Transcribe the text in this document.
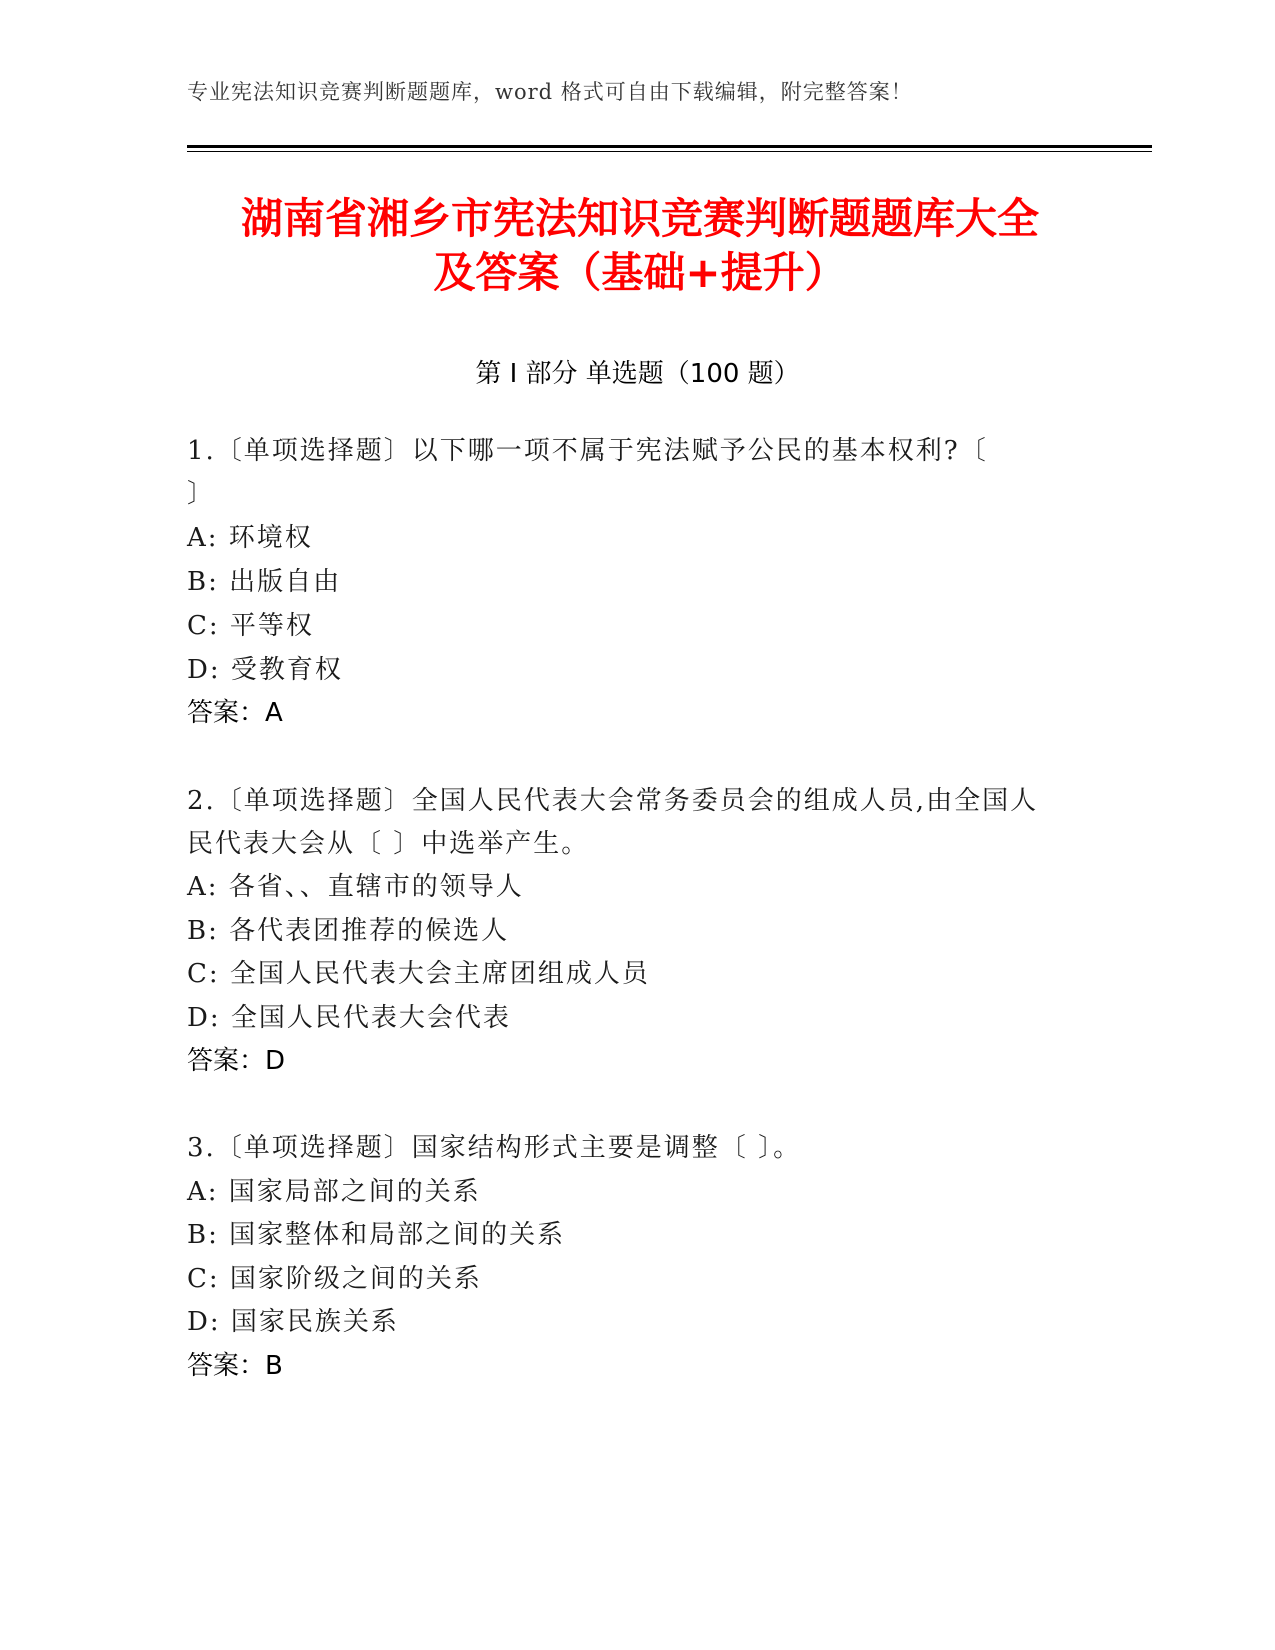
专业宪法知识竞赛判断题题库，word 格式可自由下载编辑，附完整答案！
湖南省湘乡市宪法知识竞赛判断题题库大全
及答案（基础+提升）
第 I 部分 单选题（100 题）
1.〔单项选择题〕以下哪一项不属于宪法赋予公民的基本权利?〔
〕
A: 环境权
B: 出版自由
C: 平等权
D: 受教育权
答案：A
2.〔单项选择题〕全国人民代表大会常务委员会的组成人员,由全国人
民代表大会从〔 〕中选举产生。
A: 各省、、直辖市的领导人
B: 各代表团推荐的候选人
C: 全国人民代表大会主席团组成人员
D: 全国人民代表大会代表
答案：D
3.〔单项选择题〕国家结构形式主要是调整〔 〕。
A: 国家局部之间的关系
B: 国家整体和局部之间的关系
C: 国家阶级之间的关系
D: 国家民族关系
答案：B
